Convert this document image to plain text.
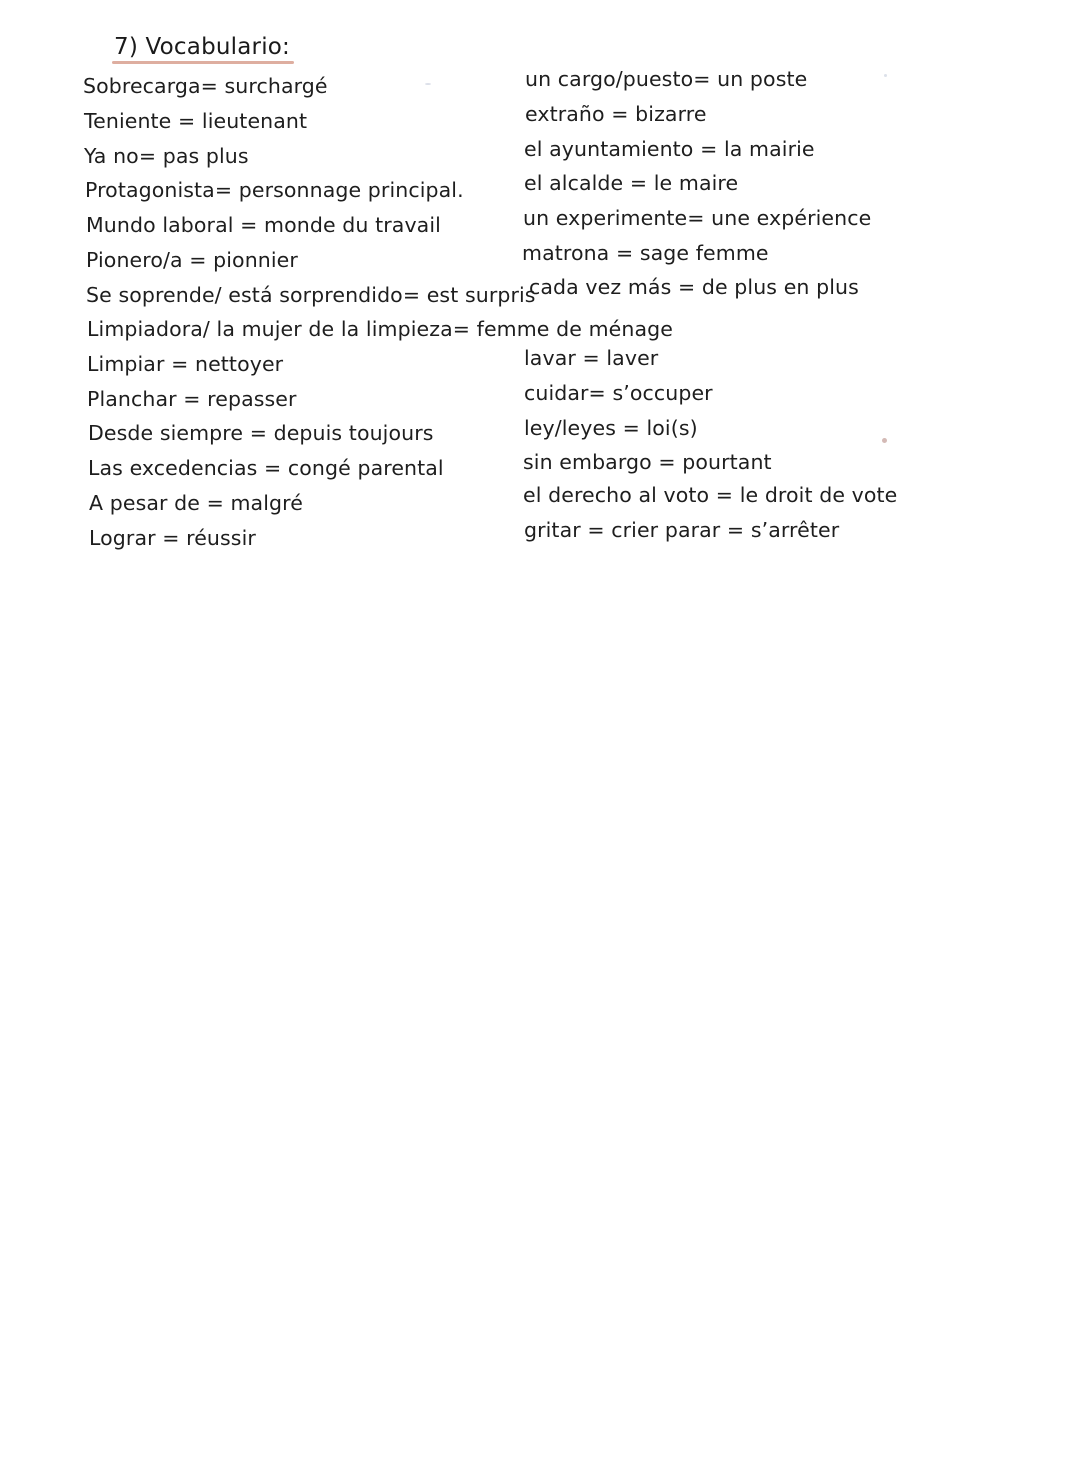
7) Vocabulario:
Sobrecarga= surchargé
Teniente = lieutenant
Ya no= pas plus
Protagonista= personnage principal.
Mundo laboral = monde du travail
Pionero/a = pionnier
Se soprende/ está sorprendido= est surpris
Limpiadora/ la mujer de la limpieza= femme de ménage
Limpiar = nettoyer
Planchar = repasser
Desde siempre = depuis toujours
Las excedencias = congé parental
A pesar de = malgré
Lograr = réussir
un cargo/puesto= un poste
extraño = bizarre
el ayuntamiento = la mairie
el alcalde = le maire
un experimente= une expérience
matrona = sage femme
cada vez más = de plus en plus
lavar = laver
cuidar= s’occuper
ley/leyes = loi(s)
sin embargo = pourtant
el derecho al voto = le droit de vote
gritar = crier parar = s’arrêter
